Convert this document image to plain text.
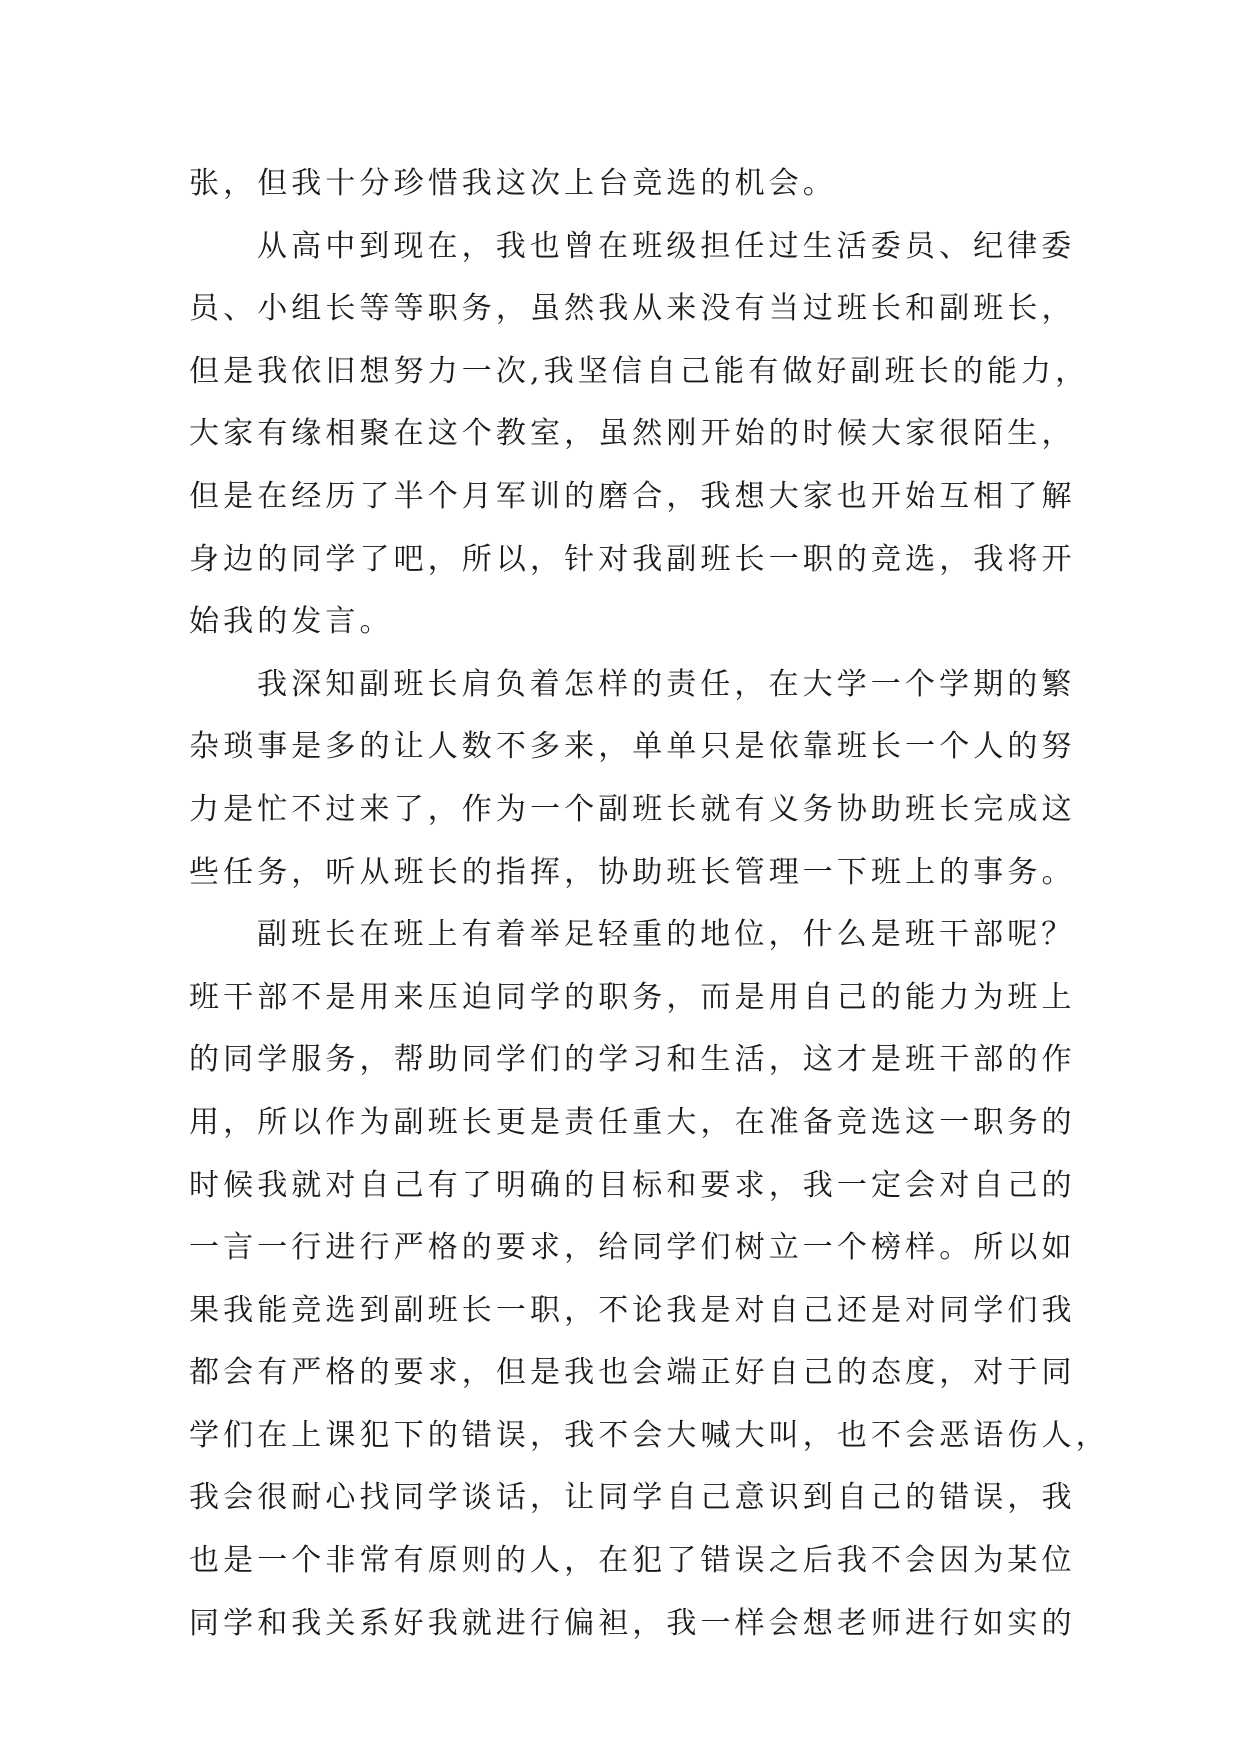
张，但我十分珍惜我这次上台竞选的机会。
从高中到现在，我也曾在班级担任过生活委员、纪律委
员、小组长等等职务，虽然我从来没有当过班长和副班长，
但是我依旧想努力一次,我坚信自己能有做好副班长的能力，
大家有缘相聚在这个教室，虽然刚开始的时候大家很陌生，
但是在经历了半个月军训的磨合，我想大家也开始互相了解
身边的同学了吧，所以，针对我副班长一职的竞选，我将开
始我的发言。
我深知副班长肩负着怎样的责任，在大学一个学期的繁
杂琐事是多的让人数不多来，单单只是依靠班长一个人的努
力是忙不过来了，作为一个副班长就有义务协助班长完成这
些任务，听从班长的指挥，协助班长管理一下班上的事务。
副班长在班上有着举足轻重的地位，什么是班干部呢？
班干部不是用来压迫同学的职务，而是用自己的能力为班上
的同学服务，帮助同学们的学习和生活，这才是班干部的作
用，所以作为副班长更是责任重大，在准备竞选这一职务的
时候我就对自己有了明确的目标和要求，我一定会对自己的
一言一行进行严格的要求，给同学们树立一个榜样。所以如
果我能竞选到副班长一职，不论我是对自己还是对同学们我
都会有严格的要求，但是我也会端正好自己的态度，对于同
学们在上课犯下的错误，我不会大喊大叫，也不会恶语伤人，
我会很耐心找同学谈话，让同学自己意识到自己的错误，我
也是一个非常有原则的人，在犯了错误之后我不会因为某位
同学和我关系好我就进行偏袒，我一样会想老师进行如实的
